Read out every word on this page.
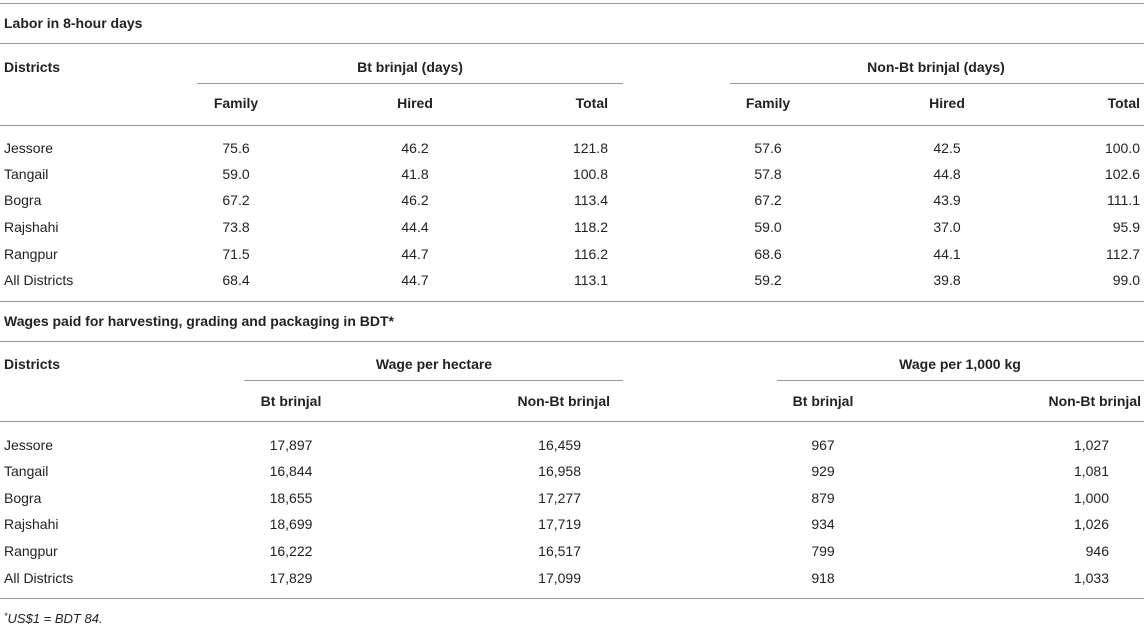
Labor in 8-hour days
Districts	Bt brinjal (days)	Non-Bt brinjal (days)
Family	Hired	Total	Family	Hired	Total
Jessore	75.6	46.2	121.8	57.6	42.5	100.0
Tangail	59.0	41.8	100.8	57.8	44.8	102.6
Bogra	67.2	46.2	113.4	67.2	43.9	111.1
Rajshahi	73.8	44.4	118.2	59.0	37.0	95.9
Rangpur	71.5	44.7	116.2	68.6	44.1	112.7
All Districts	68.4	44.7	113.1	59.2	39.8	99.0
Wages paid for harvesting, grading and packaging in BDT*
Districts	Wage per hectare	Wage per 1,000 kg
Bt brinjal	Non-Bt brinjal	Bt brinjal	Non-Bt brinjal
Jessore	17,897	16,459	967	1,027
Tangail	16,844	16,958	929	1,081
Bogra	18,655	17,277	879	1,000
Rajshahi	18,699	17,719	934	1,026
Rangpur	16,222	16,517	799	946
All Districts	17,829	17,099	918	1,033
*US$1 = BDT 84.
